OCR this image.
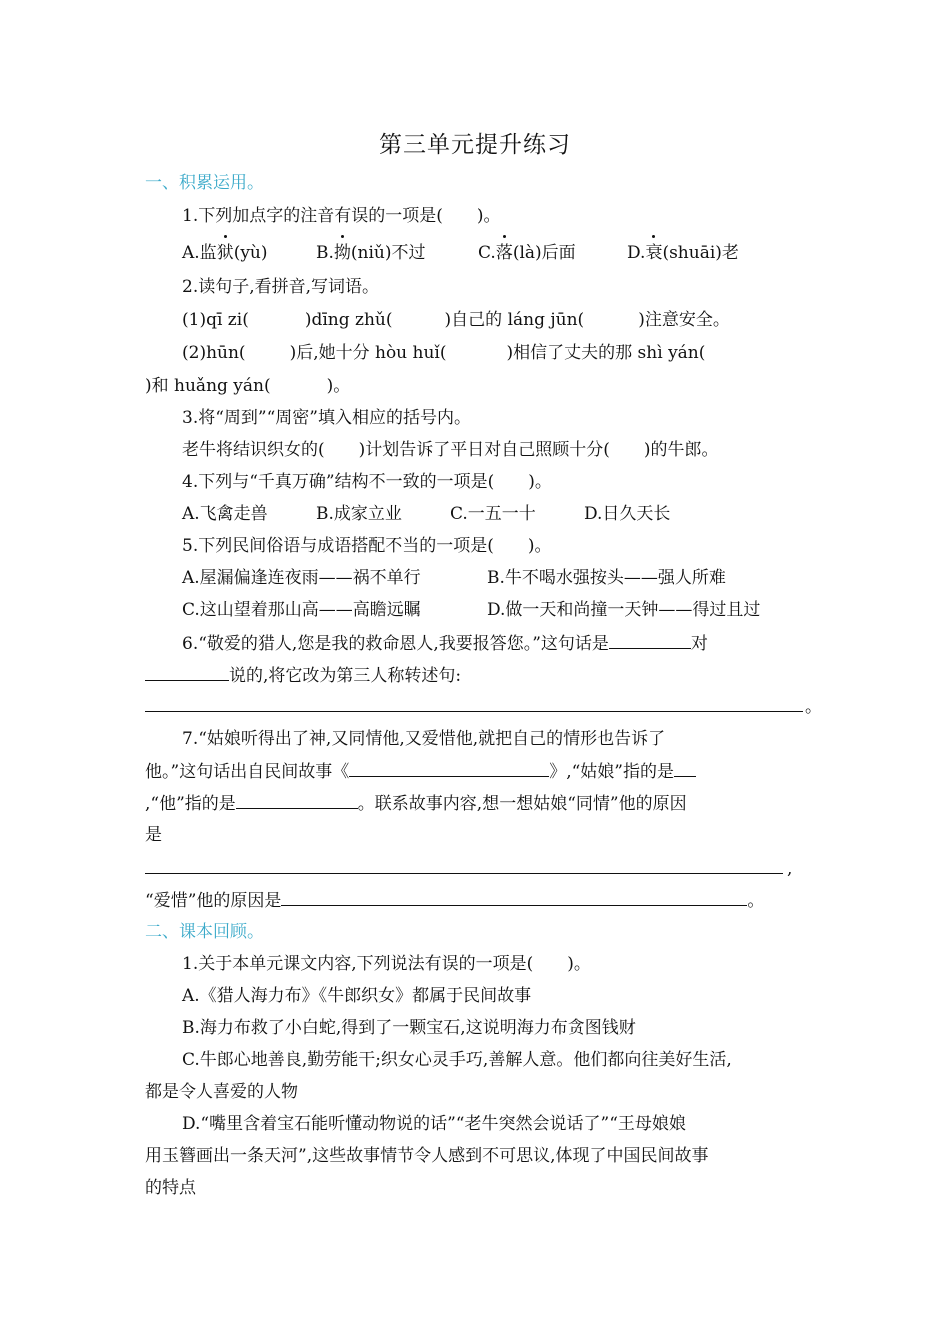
第三单元提升练习
一、积累运用。
1.下列加点字的注音有误的一项是(　　)。
A.监狱(yù)	B.拗(niǔ)不过	C.落(là)后面	D.衰(shuāi)老
2.读句子,看拼音,写词语。
(1)qī zi(	)dīng zhǔ(	)自己的 láng jūn(	)注意安全。
(2)hūn(	)后,她十分 hòu huǐ(	)相信了丈夫的那 shì yán(
)和 huǎng yán(	)。
3.将“周到”“周密”填入相应的括号内。
老牛将结识织女的(　　)计划告诉了平日对自己照顾十分(　　)的牛郎。
4.下列与“千真万确”结构不一致的一项是(　　)。
A.飞禽走兽	B.成家立业	C.一五一十	D.日久天长
5.下列民间俗语与成语搭配不当的一项是(　　)。
A.屋漏偏逢连夜雨——祸不单行	B.牛不喝水强按头——强人所难
C.这山望着那山高——高瞻远瞩	D.做一天和尚撞一天钟——得过且过
6.“敬爱的猎人,您是我的救命恩人,我要报答您。”这句话是	对
说的,将它改为第三人称转述句:
。
7.“姑娘听得出了神,又同情他,又爱惜他,就把自己的情形也告诉了
他。”这句话出自民间故事《	》,“姑娘”指的是
,“他”指的是	。联系故事内容,想一想姑娘“同情”他的原因
是
,
“爱惜”他的原因是	。
二、课本回顾。
1.关于本单元课文内容,下列说法有误的一项是(　　)。
A.《猎人海力布》《牛郎织女》都属于民间故事
B.海力布救了小白蛇,得到了一颗宝石,这说明海力布贪图钱财
C.牛郎心地善良,勤劳能干;织女心灵手巧,善解人意。他们都向往美好生活,
都是令人喜爱的人物
D.“嘴里含着宝石能听懂动物说的话”“老牛突然会说话了”“王母娘娘
用玉簪画出一条天河”,这些故事情节令人感到不可思议,体现了中国民间故事
的特点
